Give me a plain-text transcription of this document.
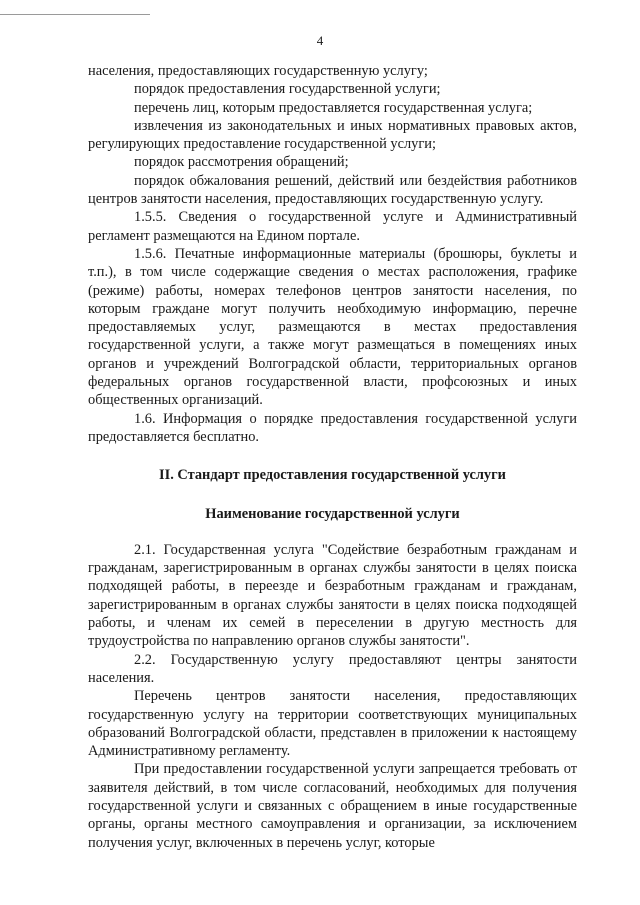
4

населения, предоставляющих государственную услугу;

порядок предоставления государственной услуги;

перечень лиц, которым предоставляется государственная услуга;

извлечения из законодательных и иных нормативных правовых актов, регулирующих предоставление государственной услуги;

порядок рассмотрения обращений;

порядок обжалования решений, действий или бездействия работников центров занятости населения, предоставляющих государственную услугу.

1.5.5. Сведения о государственной услуге и Административный регламент размещаются на Едином портале.

1.5.6. Печатные информационные материалы (брошюры, буклеты и т.п.), в том числе содержащие сведения о местах расположения, графике (режиме) работы, номерах телефонов центров занятости населения, по которым граждане могут получить необходимую информацию, перечне предоставляемых услуг, размещаются в местах предоставления государственной услуги, а также могут размещаться в помещениях иных органов и учреждений Волгоградской области, территориальных органов федеральных органов государственной власти, профсоюзных и иных общественных организаций.

1.6. Информация о порядке предоставления государственной услуги предоставляется бесплатно.

II. Стандарт предоставления государственной услуги
Наименование государственной услуги

2.1. Государственная услуга "Содействие безработным гражданам и гражданам, зарегистрированным в органах службы занятости в целях поиска подходящей работы, в переезде и безработным гражданам и гражданам, зарегистрированным в органах службы занятости в целях поиска подходящей работы, и членам их семей в переселении в другую местность для трудоустройства по направлению органов службы занятости".

2.2. Государственную услугу предоставляют центры занятости населения.

Перечень центров занятости населения, предоставляющих государственную услугу на территории соответствующих муниципальных образований Волгоградской области, представлен в приложении к настоящему Административному регламенту.

При предоставлении государственной услуги запрещается требовать от заявителя действий, в том числе согласований, необходимых для получения государственной услуги и связанных с обращением в иные государственные органы, органы местного самоуправления и организации, за исключением получения услуг, включенных в перечень услуг, которые
